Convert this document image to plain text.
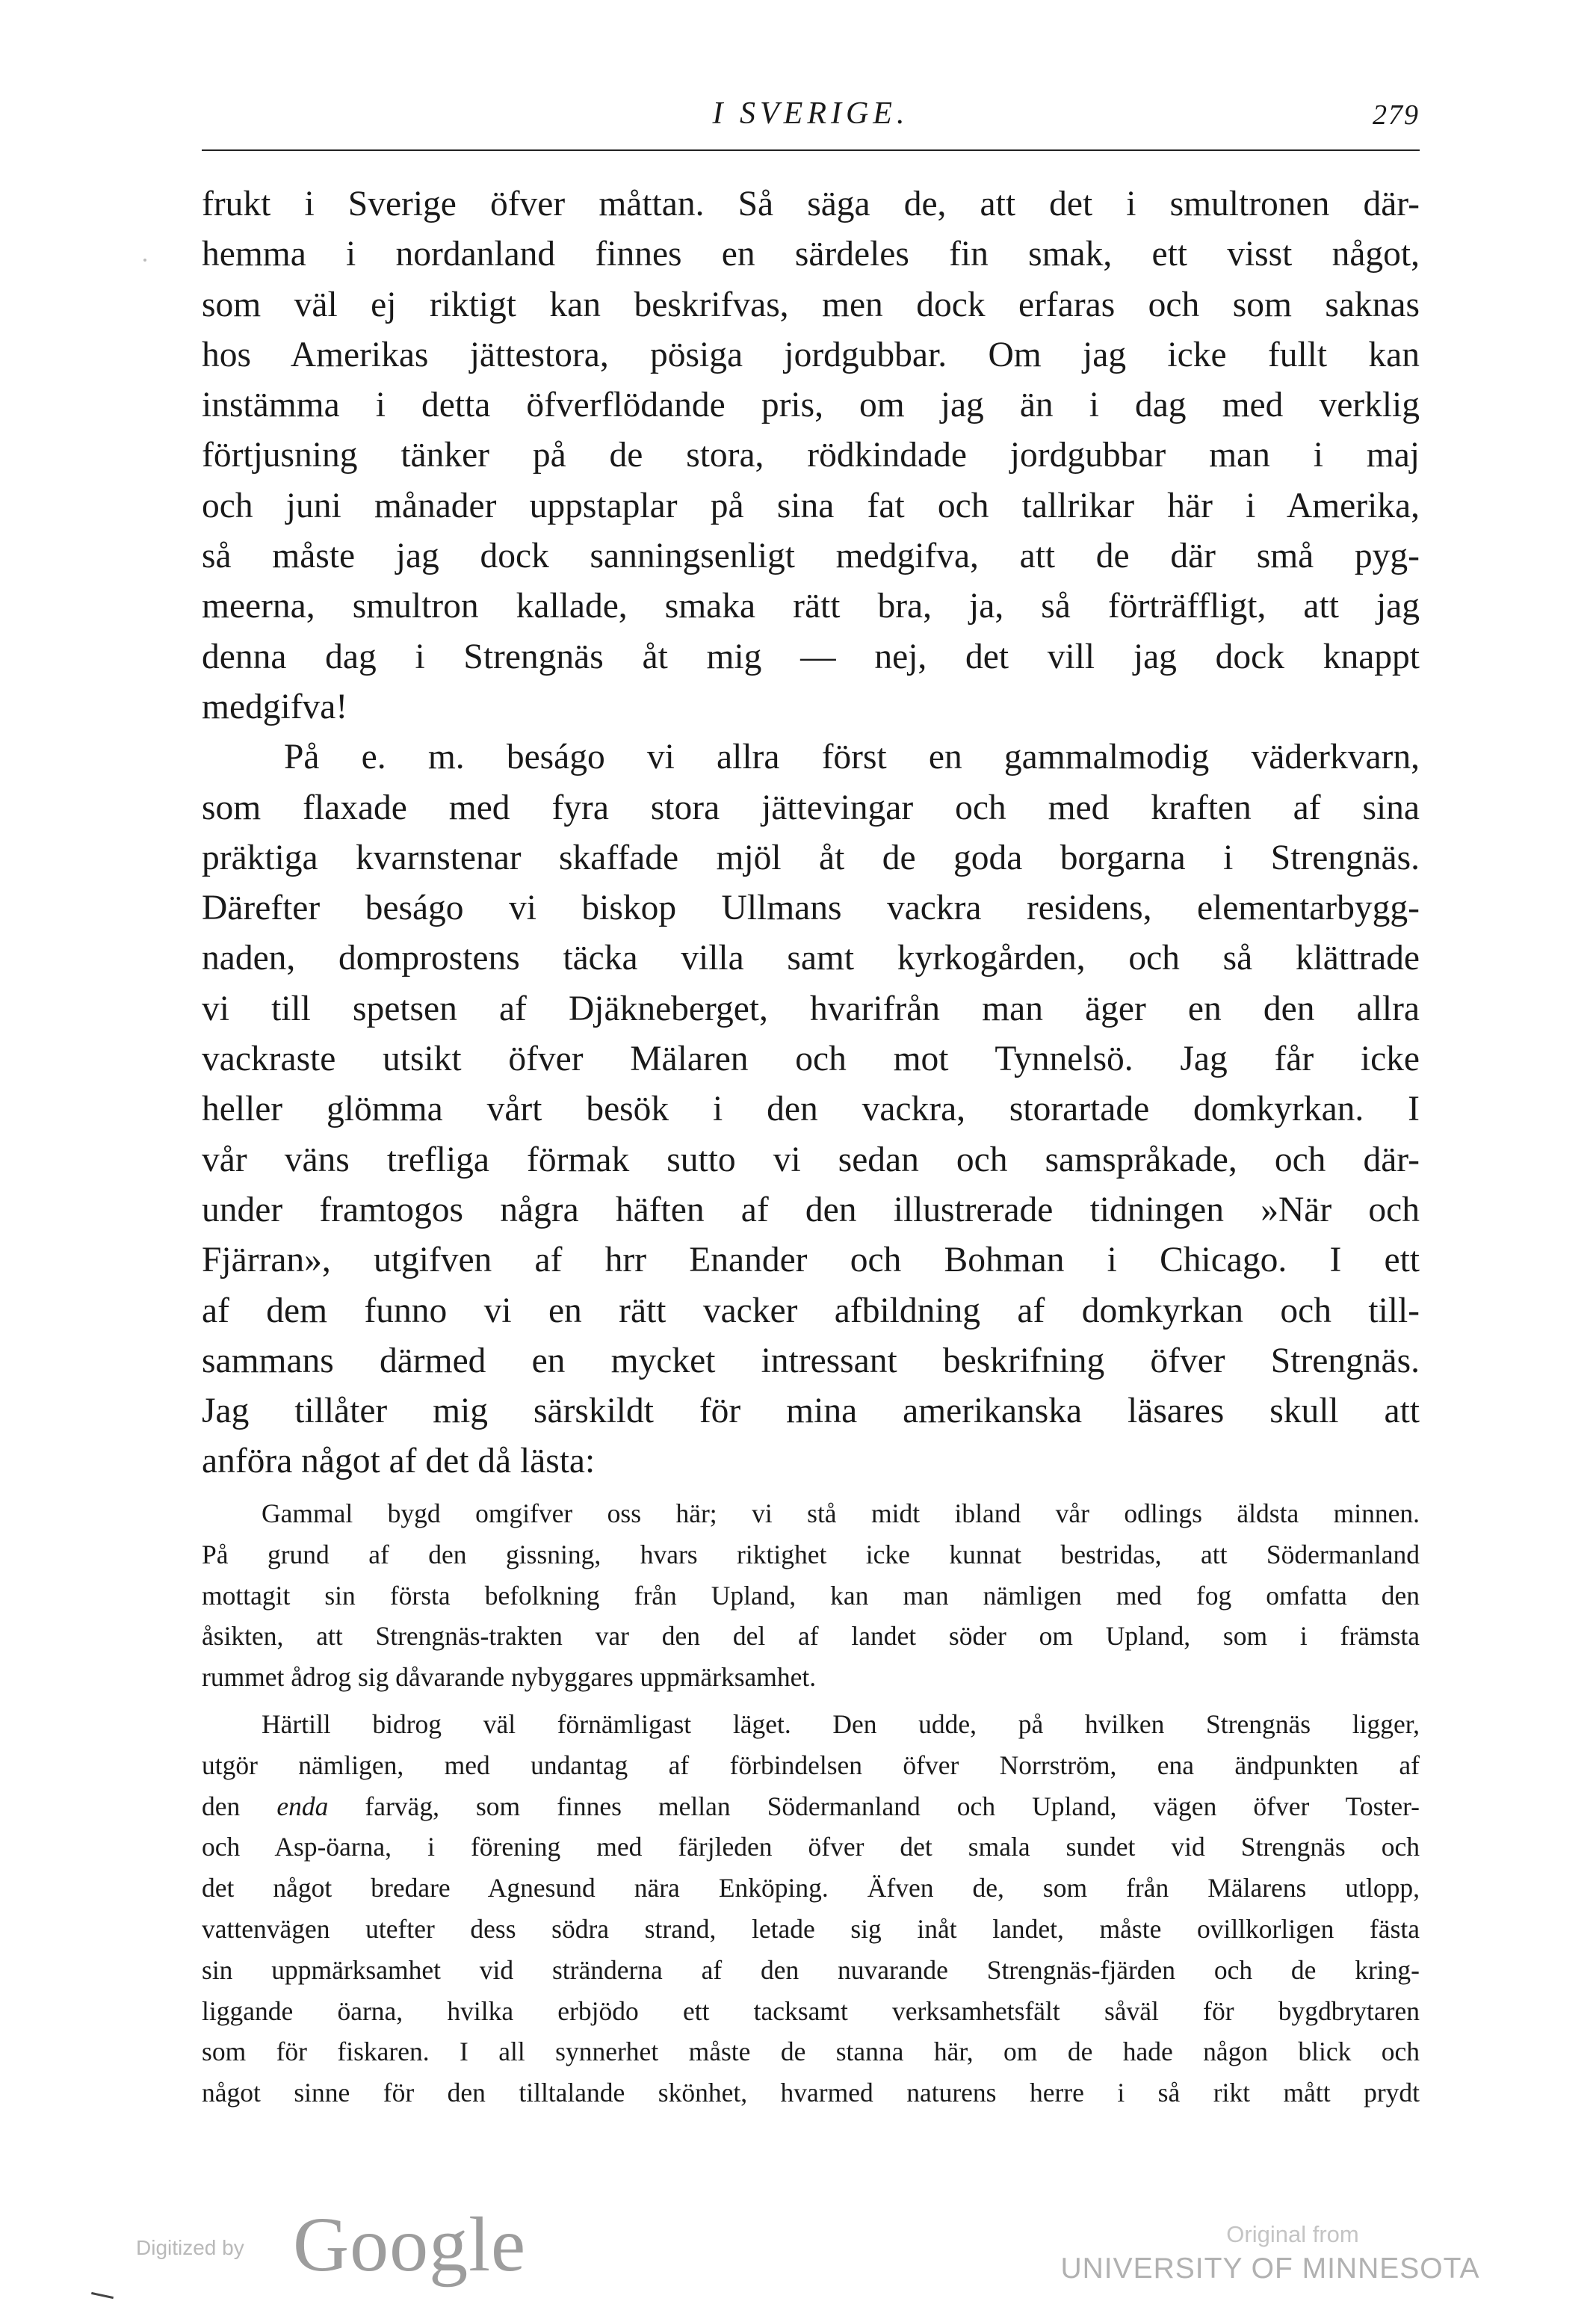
I SVERIGE.	279
frukt i Sverige öfver måttan. Så säga de, att det i smultronen där-
hemma i nordanland finnes en särdeles fin smak, ett visst något,
som väl ej riktigt kan beskrifvas, men dock erfaras och som saknas
hos Amerikas jättestora, pösiga jordgubbar. Om jag icke fullt kan
instämma i detta öfverflödande pris, om jag än i dag med verklig
förtjusning tänker på de stora, rödkindade jordgubbar man i maj
och juni månader uppstaplar på sina fat och tallrikar här i Amerika,
så måste jag dock sanningsenligt medgifva, att de där små pyg-
meerna, smultron kallade, smaka rätt bra, ja, så förträffligt, att jag
denna dag i Strengnäs åt mig — nej, det vill jag dock knappt
medgifva!
På e. m. beságo vi allra först en gammalmodig väderkvarn,
som flaxade med fyra stora jättevingar och med kraften af sina
präktiga kvarnstenar skaffade mjöl åt de goda borgarna i Strengnäs.
Därefter beságo vi biskop Ullmans vackra residens, elementarbygg-
naden, domprostens täcka villa samt kyrkogården, och så klättrade
vi till spetsen af Djäkneberget, hvarifrån man äger en den allra
vackraste utsikt öfver Mälaren och mot Tynnelsö. Jag får icke
heller glömma vårt besök i den vackra, storartade domkyrkan. I
vår väns trefliga förmak sutto vi sedan och samspråkade, och där-
under framtogos några häften af den illustrerade tidningen »När och
Fjärran», utgifven af hrr Enander och Bohman i Chicago. I ett
af dem funno vi en rätt vacker afbildning af domkyrkan och till-
sammans därmed en mycket intressant beskrifning öfver Strengnäs.
Jag tillåter mig särskildt för mina amerikanska läsares skull att
anföra något af det då lästa:
Gammal bygd omgifver oss här; vi stå midt ibland vår odlings äldsta minnen.
På grund af den gissning, hvars riktighet icke kunnat bestridas, att Södermanland
mottagit sin första befolkning från Upland, kan man nämligen med fog omfatta den
åsikten, att Strengnäs-trakten var den del af landet söder om Upland, som i främsta
rummet ådrog sig dåvarande nybyggares uppmärksamhet.
Härtill bidrog väl förnämligast läget. Den udde, på hvilken Strengnäs ligger,
utgör nämligen, med undantag af förbindelsen öfver Norrström, ena ändpunkten af
den enda farväg, som finnes mellan Södermanland och Upland, vägen öfver Toster-
och Asp-öarna, i förening med färjleden öfver det smala sundet vid Strengnäs och
det något bredare Agnesund nära Enköping. Äfven de, som från Mälarens utlopp,
vattenvägen utefter dess södra strand, letade sig inåt landet, måste ovillkorligen fästa
sin uppmärksamhet vid stränderna af den nuvarande Strengnäs-fjärden och de kring-
liggande öarna, hvilka erbjödo ett tacksamt verksamhetsfält såväl för bygdbrytaren
som för fiskaren. I all synnerhet måste de stanna här, om de hade någon blick och
något sinne för den tilltalande skönhet, hvarmed naturens herre i så rikt mått prydt
Digitized by Google	Original from
UNIVERSITY OF MINNESOTA
